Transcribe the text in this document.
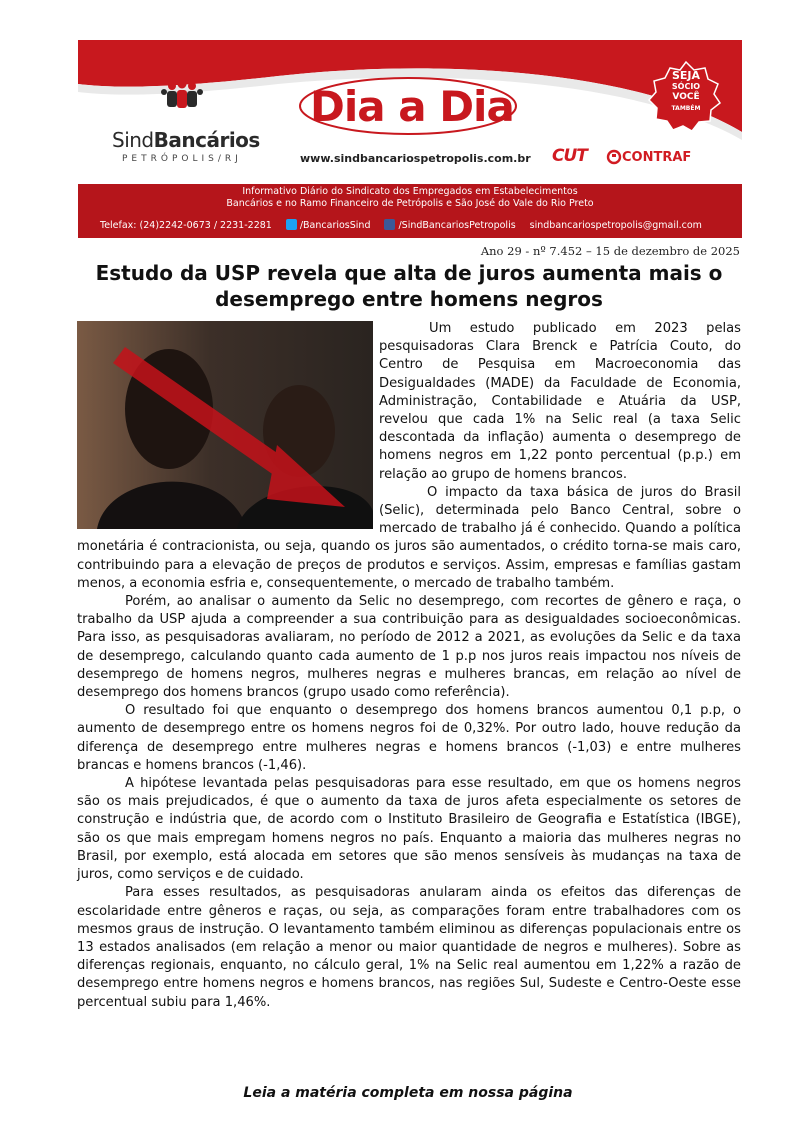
SindBancários
PETRÓPOLIS/RJ
Dia a Dia
www.sindbancariospetropolis.com.br
SEJA
SÓCIO
VOCÊ
TAMBÉM
CUT	CONTRAF
Informativo Diário do Sindicato dos Empregados em Estabelecimentos
Bancários e no Ramo Financeiro de Petrópolis e São José do Vale do Rio Preto
Telefax: (24)2242-0673 / 2231-2281	/BancariosSind	/SindBancariosPetropolis sindbancariospetropolis@gmail.com
Ano 29 - nº 7.452 – 15 de dezembro de 2025
Estudo da USP revela que alta de juros aumenta mais o desemprego entre homens negros

Um estudo publicado em 2023 pelas pesquisadoras Clara Brenck e Patrícia Couto, do Centro de Pesquisa em Macroeconomia das Desigualdades (MADE) da Faculdade de Economia, Administração, Contabilidade e Atuária da USP, revelou que cada 1% na Selic real (a taxa Selic descontada da inflação) aumenta o desemprego de homens negros em 1,22 ponto percentual (p.p.) em relação ao grupo de homens brancos.

O impacto da taxa básica de juros do Brasil (Selic), determinada pelo Banco Central, sobre o mercado de trabalho já é conhecido. Quando a política monetária é contracionista, ou seja, quando os juros são aumentados, o crédito torna-se mais caro, contribuindo para a elevação de preços de produtos e serviços. Assim, empresas e famílias gastam menos, a economia esfria e, consequentemente, o mercado de trabalho também.

Porém, ao analisar o aumento da Selic no desemprego, com recortes de gênero e raça, o trabalho da USP ajuda a compreender a sua contribuição para as desigualdades socioeconômicas. Para isso, as pesquisadoras avaliaram, no período de 2012 a 2021, as evoluções da Selic e da taxa de desemprego, calculando quanto cada aumento de 1 p.p nos juros reais impactou nos níveis de desemprego de homens negros, mulheres negras e mulheres brancas, em relação ao nível de desemprego dos homens brancos (grupo usado como referência).

O resultado foi que enquanto o desemprego dos homens brancos aumentou 0,1 p.p, o aumento de desemprego entre os homens negros foi de 0,32%. Por outro lado, houve redução da diferença de desemprego entre mulheres negras e homens brancos (-1,03) e entre mulheres brancas e homens brancos (-1,46).

A hipótese levantada pelas pesquisadoras para esse resultado, em que os homens negros são os mais prejudicados, é que o aumento da taxa de juros afeta especialmente os setores de construção e indústria que, de acordo com o Instituto Brasileiro de Geografia e Estatística (IBGE), são os que mais empregam homens negros no país. Enquanto a maioria das mulheres negras no Brasil, por exemplo, está alocada em setores que são menos sensíveis às mudanças na taxa de juros, como serviços e de cuidado.

Para esses resultados, as pesquisadoras anularam ainda os efeitos das diferenças de escolaridade entre gêneros e raças, ou seja, as comparações foram entre trabalhadores com os mesmos graus de instrução. O levantamento também eliminou as diferenças populacionais entre os 13 estados analisados (em relação a menor ou maior quantidade de negros e mulheres). Sobre as diferenças regionais, enquanto, no cálculo geral, 1% na Selic real aumentou em 1,22% a razão de desemprego entre homens negros e homens brancos, nas regiões Sul, Sudeste e Centro-Oeste esse percentual subiu para 1,46%.

Leia a matéria completa em nossa página
